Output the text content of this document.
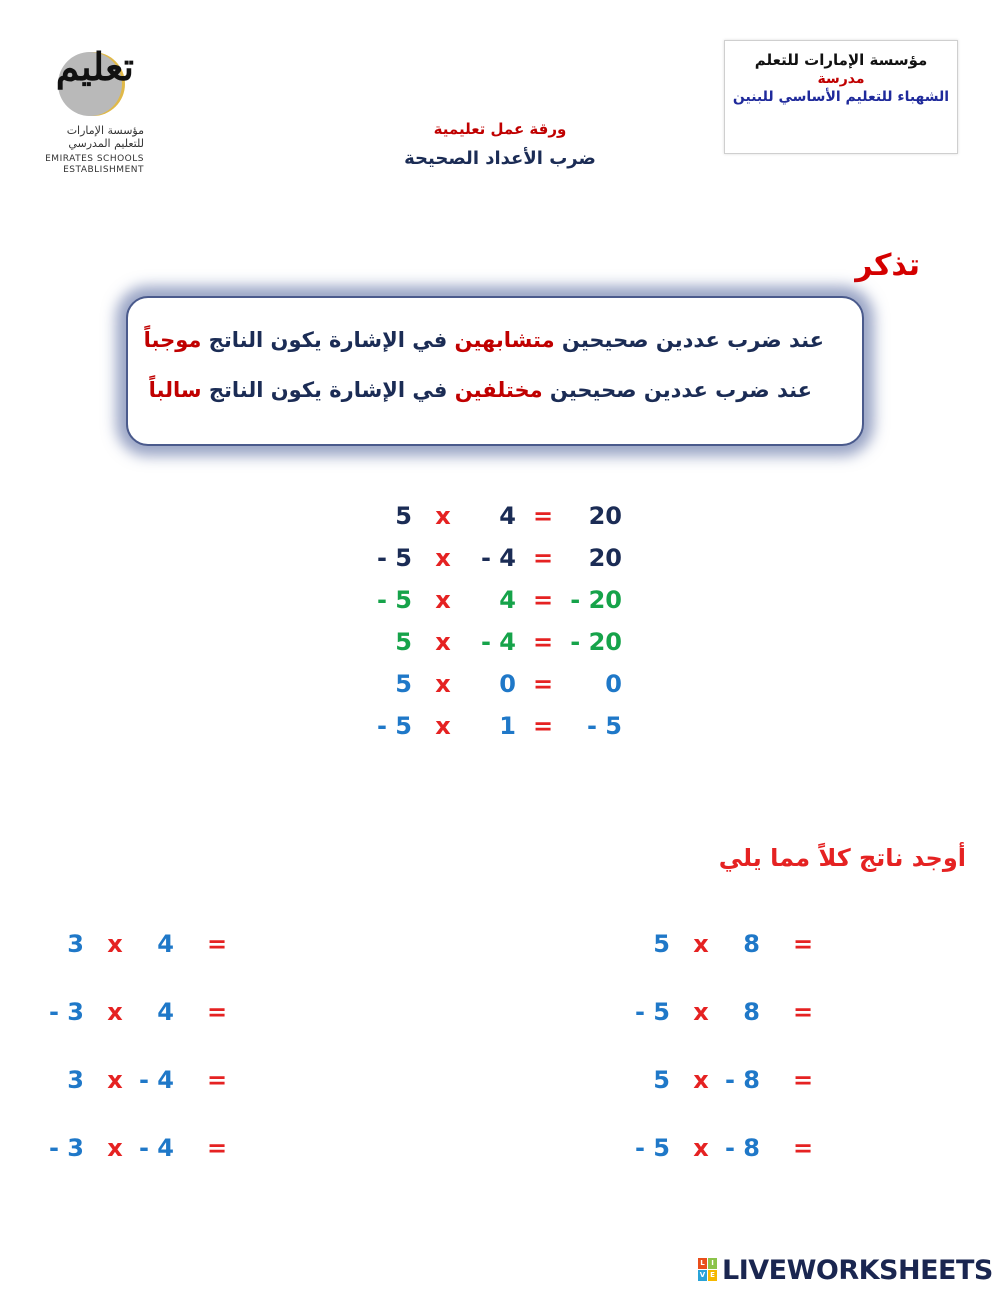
تعليم
مؤسسة الإمارات
للتعليم المدرسي
EMIRATES SCHOOLS
ESTABLISHMENT
مؤسسة الإمارات للتعلم
مدرسة
الشهباء للتعليم الأساسي للبنين
ورقة عمل تعليمية
ضرب الأعداد الصحيحة
تذكر
عند ضرب عددين صحيحين متشابهين في الإشارة يكون الناتج موجباً
عند ضرب عددين صحيحين مختلفين في الإشارة يكون الناتج سالباً
5 x	4 =	20
- 5 x	- 4 =	20
- 5 x	4 = - 20
5 x	- 4 = - 20
5 x	0 =	0
- 5 x	1 =	- 5
أوجد ناتج كلاً مما يلي
3 x	4 =
- 3 x	4 =
3 x - 4 =
- 3 x - 4 =
5 x	8 =
- 5 x	8 =
5 x - 8 =
- 5 x - 8 =
L I
V E LIVEWORKSHEETS
